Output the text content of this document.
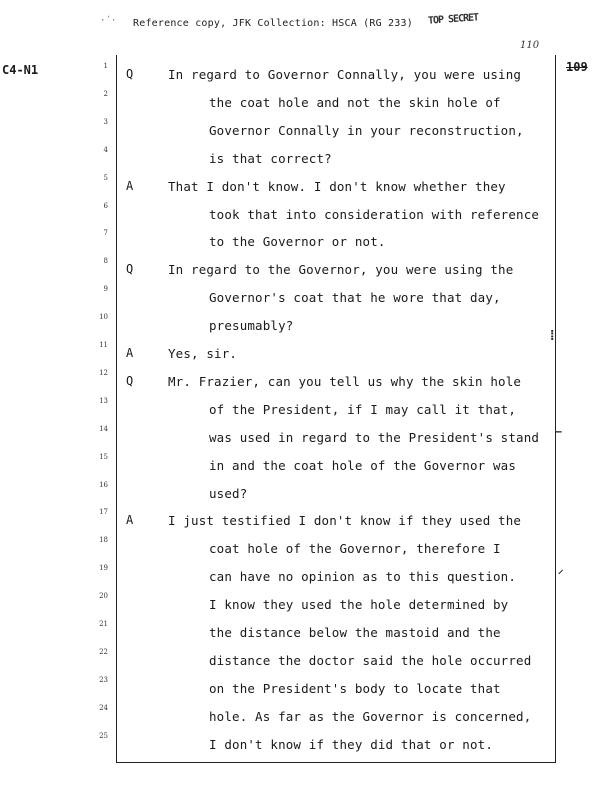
·´· Reference copy, JFK Collection: HSCA (RG 233) TOP SECRET
C4-N1
110
109
⁞
–
⸝
1
Q	In regard to Governor Connally, you were using
2
the coat hole and not the skin hole of
3
Governor Connally in your reconstruction,
4
is that correct?
5
A	That I don't know. I don't know whether they
6
took that into consideration with reference
7
to the Governor or not.
8
Q	In regard to the Governor, you were using the
9
Governor's coat that he wore that day,
10
presumably?
11
A	Yes, sir.
12
Q	Mr. Frazier, can you tell us why the skin hole
13
of the President, if I may call it that,
14
was used in regard to the President's stand
15
in and the coat hole of the Governor was
16
used?
17
A	I just testified I don't know if they used the
18
coat hole of the Governor, therefore I
19
can have no opinion as to this question.
20
I know they used the hole determined by
21
the distance below the mastoid and the
22
distance the doctor said the hole occurred
23
on the President's body to locate that
24
hole. As far as the Governor is concerned,
25
I don't know if they did that or not.
